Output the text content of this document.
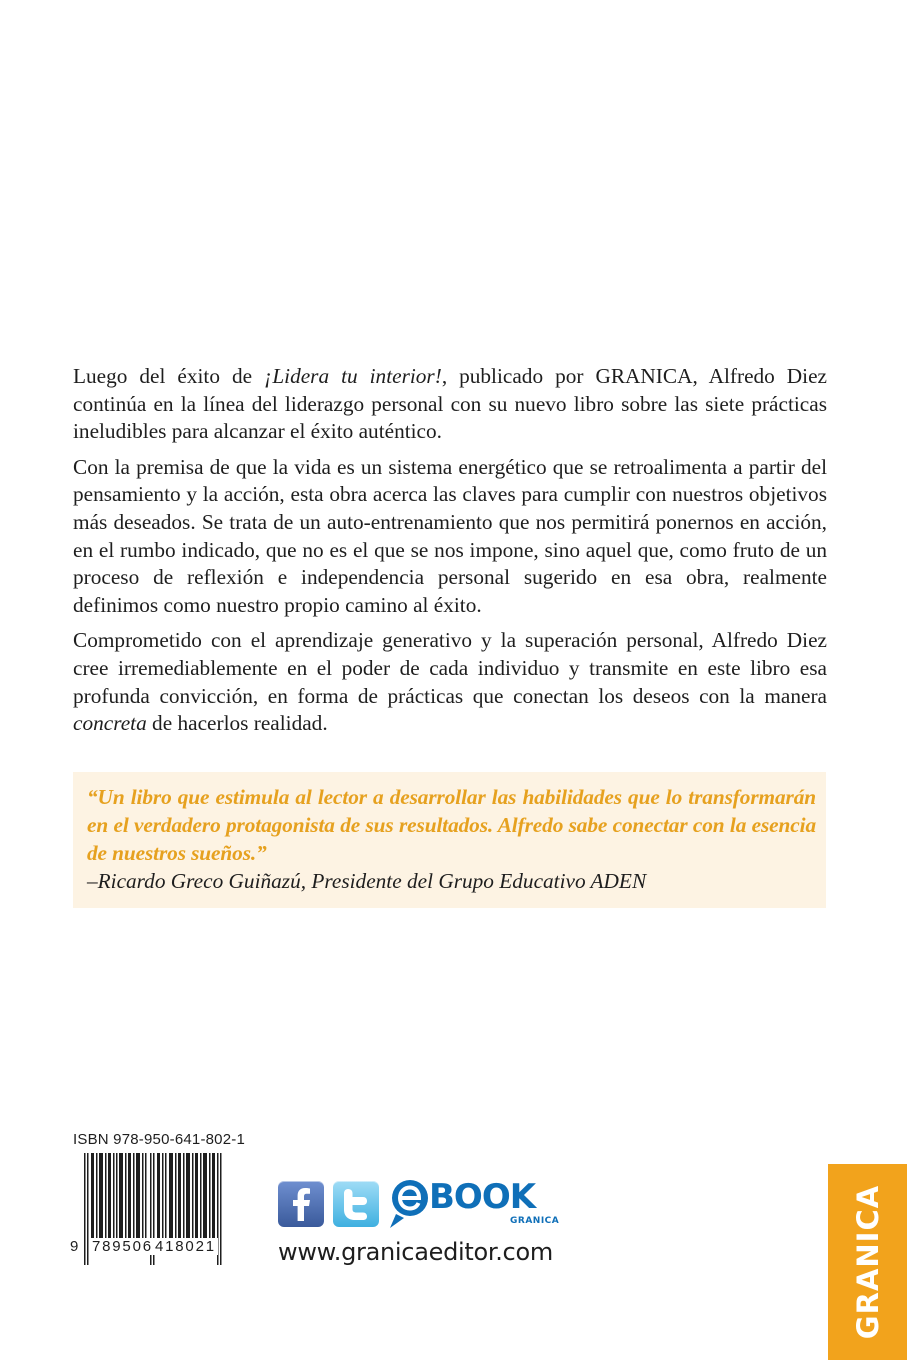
Luego del éxito de ¡Lidera tu interior!, publicado por GRANICA, Alfredo Diez continúa en la línea del liderazgo personal con su nuevo libro sobre las siete prácticas ineludibles para alcanzar el éxito auténtico.

Con la premisa de que la vida es un sistema energético que se retroalimenta a partir del pensamiento y la acción, esta obra acerca las claves para cumplir con nuestros objetivos más deseados. Se trata de un auto-entrenamiento que nos permitirá ponernos en acción, en el rumbo indicado, que no es el que se nos impone, sino aquel que, como fruto de un proceso de reflexión e independencia personal sugerido en esa obra, realmente definimos como nuestro propio camino al éxito.

Comprometido con el aprendizaje generativo y la superación personal, Alfredo Diez cree irremediablemente en el poder de cada individuo y transmite en este libro esa profunda convicción, en forma de prácticas que conectan los deseos con la manera concreta de hacerlos realidad.

“Un libro que estimula al lector a desarrollar las habilidades que lo transformarán en el verdadero protagonista de sus resultados. Alfredo sabe conectar con la esencia de nuestros sueños.”
–Ricardo Greco Guiñazú, Presidente del Grupo Educativo ADEN
ISBN 978-950-641-802-1

9

789506

418021

BOOK
GRANICA
www.granicaeditor.com	GRANICA
